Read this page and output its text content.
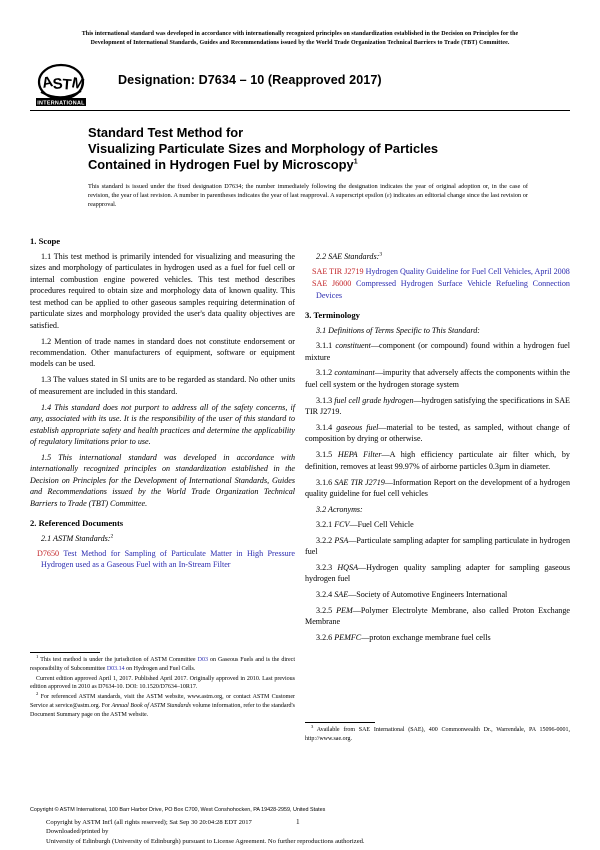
This international standard was developed in accordance with internationally recognized principles on standardization established in the Decision on Principles for the
Development of International Standards, Guides and Recommendations issued by the World Trade Organization Technical Barriers to Trade (TBT) Committee.
A
S
T
M
INTERNATIONAL
Designation: D7634 – 10 (Reapproved 2017)
Standard Test Method for
Visualizing Particulate Sizes and Morphology of Particles
Contained in Hydrogen Fuel by Microscopy$^1$
This standard is issued under the fixed designation D7634; the number immediately following the designation indicates the year of original adoption or, in the case of revision, the year of last revision. A number in parentheses indicates the year of last reapproval. A superscript epsilon (ε) indicates an editorial change since the last revision or reapproval.
1. Scope

1.1 This test method is primarily intended for visualizing and measuring the sizes and morphology of particulates in hydrogen used as a fuel for fuel cell or internal combustion engine powered vehicles. This test method describes procedures required to obtain size and morphology data of known quality. This test method can be applied to other gaseous samples requiring determination of particulate sizes and morphology provided the user's data quality objectives are satisfied.

1.2 Mention of trade names in standard does not constitute endorsement or recommendation. Other manufacturers of equipment, software or equipment models can be used.

1.3 The values stated in SI units are to be regarded as standard. No other units of measurement are included in this standard.

1.4 This standard does not purport to address all of the safety concerns, if any, associated with its use. It is the responsibility of the user of this standard to establish appropriate safety and health practices and determine the applicability of regulatory limitations prior to use.

1.5 This international standard was developed in accordance with internationally recognized principles on standardization established in the Decision on Principles for the Development of International Standards, Guides and Recommendations issued by the World Trade Organization Technical Barriers to Trade (TBT) Committee.

2. Referenced Documents

2.1 ASTM Standards:$^2$

D7650 Test Method for Sampling of Particulate Matter in High Pressure Hydrogen used as a Gaseous Fuel with an In-Stream Filter

2.2 SAE Standards:$^3$

SAE TIR J2719 Hydrogen Quality Guideline for Fuel Cell Vehicles, April 2008

SAE J6000 Compressed Hydrogen Surface Vehicle Refueling Connection Devices

3. Terminology

3.1 Definitions of Terms Specific to This Standard:

3.1.1 constituent—component (or compound) found within a hydrogen fuel mixture

3.1.2 contaminant—impurity that adversely affects the components within the fuel cell system or the hydrogen storage system

3.1.3 fuel cell grade hydrogen—hydrogen satisfying the specifications in SAE TIR J2719.

3.1.4 gaseous fuel—material to be tested, as sampled, without change of composition by drying or otherwise.

3.1.5 HEPA Filter—A high efficiency particulate air filter which, by definition, removes at least 99.97% of airborne particles 0.3µm in diameter.

3.1.6 SAE TIR J2719—Information Report on the development of a hydrogen quality guideline for fuel cell vehicles

3.2 Acronyms:

3.2.1 FCV—Fuel Cell Vehicle

3.2.2 PSA—Particulate sampling adapter for sampling particulate in hydrogen fuel

3.2.3 HQSA—Hydrogen quality sampling adapter for sampling gaseous hydrogen fuel

3.2.4 SAE—Society of Automotive Engineers International

3.2.5 PEM—Polymer Electrolyte Membrane, also called Proton Exchange Membrane

3.2.6 PEMFC—proton exchange membrane fuel cells

$^1$ This test method is under the jurisdiction of ASTM Committee D03 on Gaseous Fuels and is the direct responsibility of Subcommittee D03.14 on Hydrogen and Fuel Cells.

Current edition approved April 1, 2017. Published April 2017. Originally approved in 2010. Last previous edition approved in 2010 as D7634-10. DOI: 10.1520/D7634–10R17.

$^2$ For referenced ASTM standards, visit the ASTM website, www.astm.org, or contact ASTM Customer Service at service@astm.org. For Annual Book of ASTM Standards volume information, refer to the standard's Document Summary page on the ASTM website.

$^3$ Available from SAE International (SAE), 400 Commonwealth Dr., Warrendale, PA 15096-0001, http://www.sae.org.

Copyright © ASTM International, 100 Barr Harbor Drive, PO Box C700, West Conshohocken, PA 19428-2959, United States

Copyright by ASTM Int'l (all rights reserved); Sat Sep 30 20:04:28 EDT 2017

Downloaded/printed by

University of Edinburgh (University of Edinburgh) pursuant to License Agreement. No further reproductions authorized.

1
